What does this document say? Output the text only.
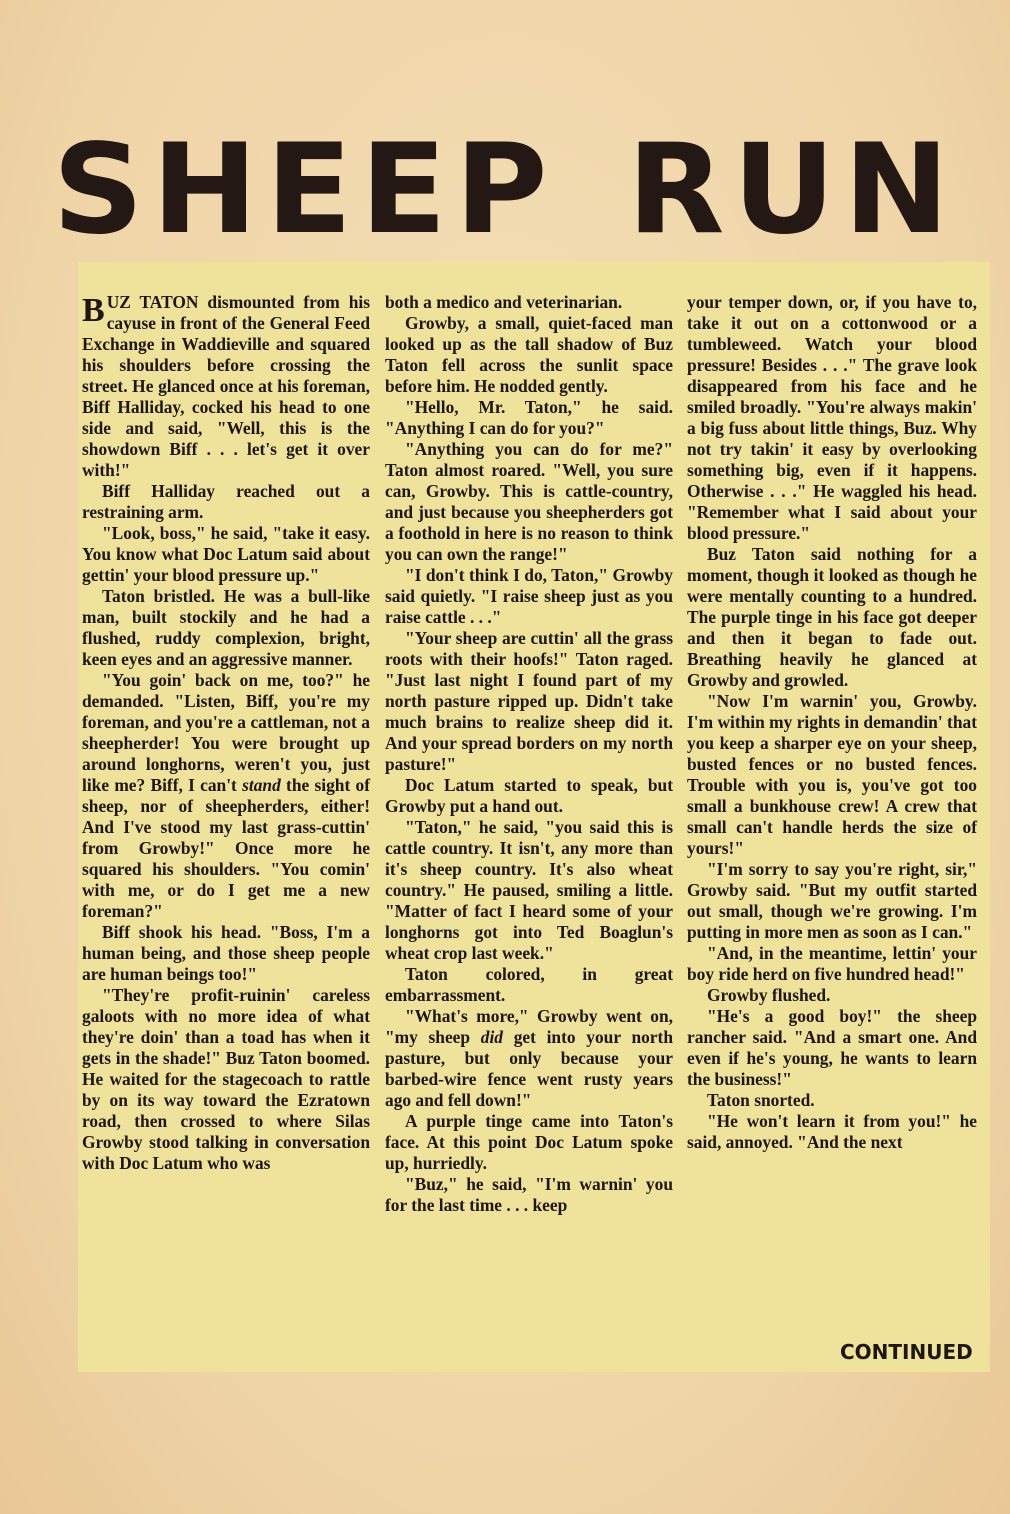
SHEEP RUN

BUZ TATON dismounted from his cayuse in front of the General Feed Exchange in Waddieville and squared his shoulders before crossing the street. He glanced once at his foreman, Biff Halliday, cocked his head to one side and said, "Well, this is the showdown Biff . . . let's get it over with!"

Biff Halliday reached out a restraining arm.

"Look, boss," he said, "take it easy. You know what Doc Latum said about gettin' your blood pressure up."

Taton bristled. He was a bull-like man, built stockily and he had a flushed, ruddy complexion, bright, keen eyes and an aggressive manner.

"You goin' back on me, too?" he demanded. "Listen, Biff, you're my foreman, and you're a cattleman, not a sheepherder! You were brought up around longhorns, weren't you, just like me? Biff, I can't stand the sight of sheep, nor of sheepherders, either! And I've stood my last grass-cuttin' from Growby!" Once more he squared his shoulders. "You comin' with me, or do I get me a new foreman?"

Biff shook his head. "Boss, I'm a human being, and those sheep people are human beings too!"

"They're profit-ruinin' careless galoots with no more idea of what they're doin' than a toad has when it gets in the shade!" Buz Taton boomed. He waited for the stagecoach to rattle by on its way toward the Ezratown road, then crossed to where Silas Growby stood talking in conversation with Doc Latum who was

both a medico and veterinarian.

Growby, a small, quiet-faced man looked up as the tall shadow of Buz Taton fell across the sunlit space before him. He nodded gently.

"Hello, Mr. Taton," he said. "Anything I can do for you?"

"Anything you can do for me?" Taton almost roared. "Well, you sure can, Growby. This is cattle-country, and just because you sheepherders got a foothold in here is no reason to think you can own the range!"

"I don't think I do, Taton," Growby said quietly. "I raise sheep just as you raise cattle . . ."

"Your sheep are cuttin' all the grass roots with their hoofs!" Taton raged. "Just last night I found part of my north pasture ripped up. Didn't take much brains to realize sheep did it. And your spread borders on my north pasture!"

Doc Latum started to speak, but Growby put a hand out.

"Taton," he said, "you said this is cattle country. It isn't, any more than it's sheep country. It's also wheat country." He paused, smiling a little. "Matter of fact I heard some of your longhorns got into Ted Boaglun's wheat crop last week."

Taton colored, in great embarrassment.

"What's more," Growby went on, "my sheep did get into your north pasture, but only because your barbed-wire fence went rusty years ago and fell down!"

A purple tinge came into Taton's face. At this point Doc Latum spoke up, hurriedly.

"Buz," he said, "I'm warnin' you for the last time . . . keep

your temper down, or, if you have to, take it out on a cottonwood or a tumbleweed. Watch your blood pressure! Besides . . ." The grave look disappeared from his face and he smiled broadly. "You're always makin' a big fuss about little things, Buz. Why not try takin' it easy by overlooking something big, even if it happens. Otherwise . . ." He waggled his head. "Remember what I said about your blood pressure."

Buz Taton said nothing for a moment, though it looked as though he were mentally counting to a hundred. The purple tinge in his face got deeper and then it began to fade out. Breathing heavily he glanced at Growby and growled.

"Now I'm warnin' you, Growby. I'm within my rights in demandin' that you keep a sharper eye on your sheep, busted fences or no busted fences. Trouble with you is, you've got too small a bunkhouse crew! A crew that small can't handle herds the size of yours!"

"I'm sorry to say you're right, sir," Growby said. "But my outfit started out small, though we're growing. I'm putting in more men as soon as I can."

"And, in the meantime, lettin' your boy ride herd on five hundred head!"

Growby flushed.

"He's a good boy!" the sheep rancher said. "And a smart one. And even if he's young, he wants to learn the business!"

Taton snorted.

"He won't learn it from you!" he said, annoyed. "And the next

CONTINUED
